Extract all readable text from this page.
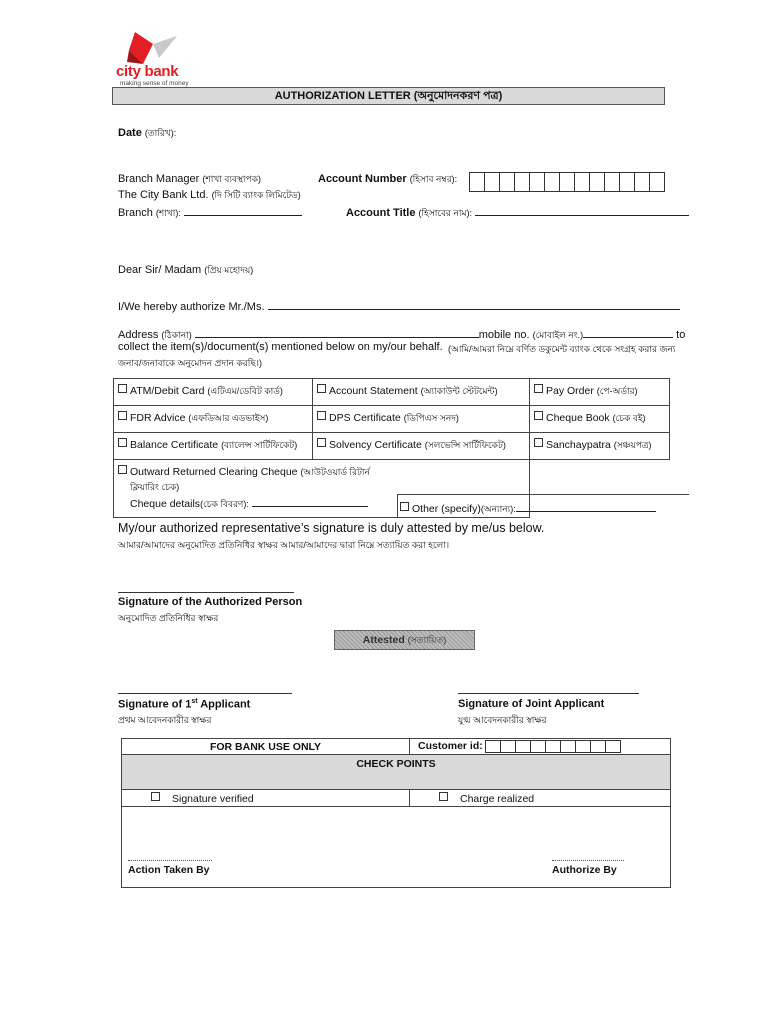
city bank
making sense of money
AUTHORIZATION LETTER (অনুমোদনকরণ পত্র)
Date (তারিখ):
Branch Manager (শাখা ব্যবস্থাপক)
The City Bank Ltd. (দি সিটি ব্যাংক লিমিটেড)
Branch (শাখা):
Account Number (হিসাব নম্বর):
Account Title (হিসাবের নাম):
Dear Sir/ Madam (প্রিয় মহোদয়)
I/We hereby authorize Mr./Ms.
Address (ঠিকানা)	mobile no. (মোবাইল নং.)	to
collect the item(s)/document(s) mentioned below on my/our behalf. (আমি/আমরা নিম্নে বর্ণিত ডকুমেন্ট ব্যাংক থেকে সংগ্রহ করার জন্য
জনাব/জনাবাকে অনুমোদন প্রদান করছি।)
ATM/Debit Card (এটিএম/ডেবিট কার্ড)	Account Statement (অ্যাকাউন্ট স্টেটমেন্ট)	Pay Order (পে-অর্ডার)
FDR Advice (এফডিআর এডভাইস)	DPS Certificate (ডিপিএস সনদ)	Cheque Book (চেক বই)
Balance Certificate (ব্যালেন্স সার্টিফিকেট)	Solvency Certificate (সলভেন্সি সার্টিফিকেট)	Sanchaypatra (সঞ্চয়পত্র)

Outward Returned Clearing Cheque (আউটওয়ার্ড রিটার্ন
ক্লিয়ারিং চেক)
Cheque details(চেক বিবরণ): Other (specify)(অন্যান্য):		

My/our authorized representative’s signature is duly attested by me/us below.
আমার/আমাদের অনুমোদিত প্রতিনিধির স্বাক্ষর আমার/আমাদের দ্বারা নিম্নে সত্যায়িত করা হলো।
Signature of the Authorized Person
অনুমোদিত প্রতিনিধির স্বাক্ষর
Attested (সত্যায়িত)
Signature of 1st Applicant
প্রথম আবেদনকারীর স্বাক্ষর
Signature of Joint Applicant
যুগ্ম আবেদনকারীর স্বাক্ষর
FOR BANK USE ONLY	Customer id:

CHECK POINTS	
Signature verified	Charge realized

Action Taken By Authorize By	
